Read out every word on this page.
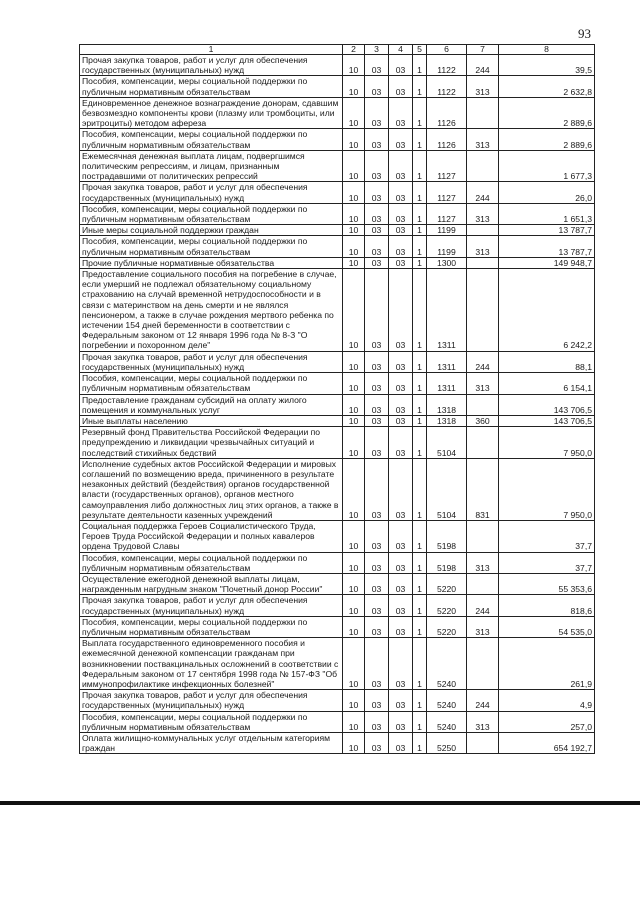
93
1	2	3	4	5	6	7	8
Прочая закупка товаров, работ и услуг для обеспечения государственных (муниципальных) нужд	10	03	03	1	1122	244	39,5
Пособия, компенсации, меры социальной поддержки по публичным нормативным обязательствам	10	03	03	1	1122	313	2 632,8
Единовременное денежное вознаграждение донорам, сдавшим безвозмездно компоненты крови (плазму или тромбоциты, или эритроциты) методом афереза	10	03	03	1	1126		2 889,6
Пособия, компенсации, меры социальной поддержки по публичным нормативным обязательствам	10	03	03	1	1126	313	2 889,6
Ежемесячная денежная выплата лицам, подвергшимся политическим репрессиям, и лицам, признанным пострадавшими от политических репрессий	10	03	03	1	1127		1 677,3
Прочая закупка товаров, работ и услуг для обеспечения государственных (муниципальных) нужд	10	03	03	1	1127	244	26,0
Пособия, компенсации, меры социальной поддержки по публичным нормативным обязательствам	10	03	03	1	1127	313	1 651,3
Иные меры социальной поддержки граждан	10	03	03	1	1199		13 787,7
Пособия, компенсации, меры социальной поддержки по публичным нормативным обязательствам	10	03	03	1	1199	313	13 787,7
Прочие публичные нормативные обязательства	10	03	03	1	1300		149 948,7
Предоставление социального пособия на погребение в случае, если умерший не подлежал обязательному социальному страхованию на случай временной нетрудоспособности и в связи с материнством на день смерти и не являлся пенсионером, а также в случае рождения мертвого ребенка по истечении 154 дней беременности в соответствии с Федеральным законом от 12 января 1996 года № 8-З "О погребении и похоронном деле"	10	03	03	1	1311		6 242,2
Прочая закупка товаров, работ и услуг для обеспечения государственных (муниципальных) нужд	10	03	03	1	1311	244	88,1
Пособия, компенсации, меры социальной поддержки по публичным нормативным обязательствам	10	03	03	1	1311	313	6 154,1
Предоставление гражданам субсидий на оплату жилого помещения и коммунальных услуг	10	03	03	1	1318		143 706,5
Иные выплаты населению	10	03	03	1	1318	360	143 706,5
Резервный фонд Правительства Российской Федерации по предупреждению и ликвидации чрезвычайных ситуаций и последствий стихийных бедствий	10	03	03	1	5104		7 950,0
Исполнение судебных актов Российской Федерации и мировых соглашений по возмещению вреда, причиненного в результате незаконных действий (бездействия) органов государственной власти (государственных органов), органов местного самоуправления либо должностных лиц этих органов, а также в результате деятельности казенных учреждений	10	03	03	1	5104	831	7 950,0
Социальная поддержка Героев Социалистического Труда, Героев Труда Российской Федерации и полных кавалеров ордена Трудовой Славы	10	03	03	1	5198		37,7
Пособия, компенсации, меры социальной поддержки по публичным нормативным обязательствам	10	03	03	1	5198	313	37,7
Осуществление ежегодной денежной выплаты лицам, награжденным нагрудным знаком "Почетный донор России"	10	03	03	1	5220		55 353,6
Прочая закупка товаров, работ и услуг для обеспечения государственных (муниципальных) нужд	10	03	03	1	5220	244	818,6
Пособия, компенсации, меры социальной поддержки по публичным нормативным обязательствам	10	03	03	1	5220	313	54 535,0
Выплата государственного единовременного пособия и ежемесячной денежной компенсации гражданам при возникновении поствакцинальных осложнений в соответствии с Федеральным законом от 17 сентября 1998 года № 157-ФЗ "Об иммунопрофилактике инфекционных болезней"	10	03	03	1	5240		261,9
Прочая закупка товаров, работ и услуг для обеспечения государственных (муниципальных) нужд	10	03	03	1	5240	244	4,9
Пособия, компенсации, меры социальной поддержки по публичным нормативным обязательствам	10	03	03	1	5240	313	257,0
Оплата жилищно-коммунальных услуг отдельным категориям граждан	10	03	03	1	5250		654 192,7
